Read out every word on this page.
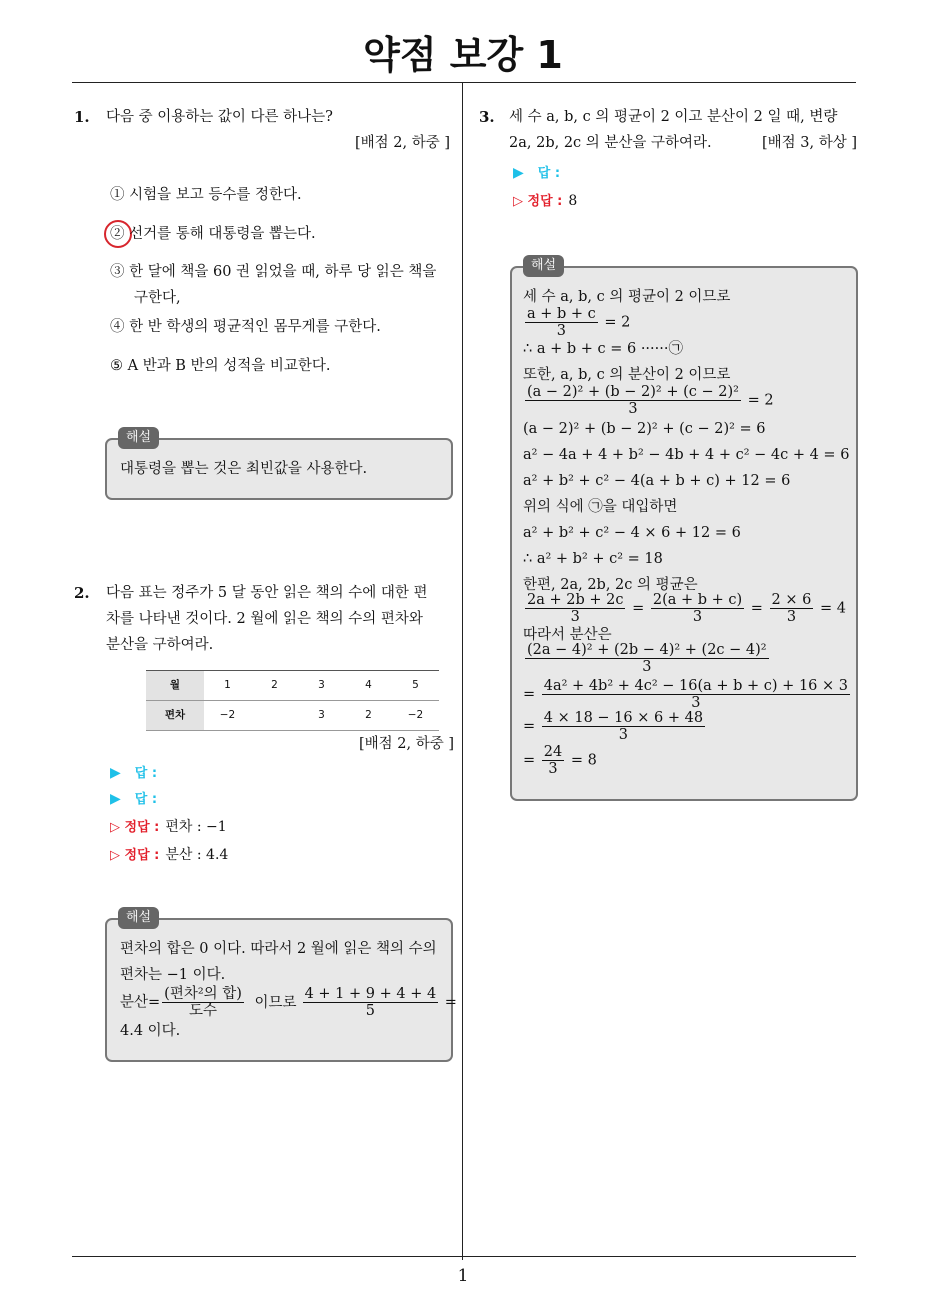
약점 보강 1
1
1. 다음 중 이용하는 값이 다른 하나는?
[배점 2, 하중 ]
① 시험을 보고 등수를 정한다.
② 선거를 통해 대통령을 뽑는다.
③ 한 달에 책을 60 권 읽었을 때, 하루 당 읽은 책을
구한다,
④ 한 반 학생의 평균적인 몸무게를 구한다.
⑤ A 반과 B 반의 성적을 비교한다.
해설
대통령을 뽑는 것은 최빈값을 사용한다.
2. 다음 표는 정주가 5 달 동안 읽은 책의 수에 대한 편
차를 나타낸 것이다. 2 월에 읽은 책의 수의 편차와
분산을 구하여라.
월	1	2	3	4	5
편차	−2		3	2	−2
[배점 2, 하중 ]
▶ 답 :
▶ 답 :
▷ 정답 : 편차 : −1
▷ 정답 : 분산 : 4.4
해설
편차의 합은 0 이다. 따라서 2 월에 읽은 책의 수의
편차는 −1 이다.
분산= $\frac{\text{(편차²의 합)}}{\text{도수}}$ 이므로 $\frac{4 + 1 + 9 + 4 + 4}{5}$ =
4.4 이다.
3. 세 수 a, b, c 의 평균이 2 이고 분산이 2 일 때, 변량
2a, 2b, 2c 의 분산을 구하여라.	[배점 3, 하상 ]
▶ 답 :
▷ 정답 : 8
해설
세 수 a, b, c 의 평균이 2 이므로
$\frac{a + b + c}{3} = 2$
∴ a + b + c = 6 ······㉠
또한, a, b, c 의 분산이 2 이므로
$\frac{\text{(a − 2)² + (b − 2)² + (c − 2)²}}{3} = 2$
(a − 2)² + (b − 2)² + (c − 2)² = 6
a² − 4a + 4 + b² − 4b + 4 + c² − 4c + 4 = 6
a² + b² + c² − 4(a + b + c) + 12 = 6
위의 식에 ㉠을 대입하면
a² + b² + c² − 4 × 6 + 12 = 6
∴ a² + b² + c² = 18
한편, 2a, 2b, 2c 의 평균은
$\frac{2a + 2b + 2c}{3} = \frac{2(a + b + c)}{3} = \frac{2 \times 6}{3} = 4$
따라서 분산은
$\frac{\text{(2a − 4)² + (2b − 4)² + (2c − 4)²}}{3}$
= $\frac{\text{4a² + 4b² + 4c² − 16(a + b + c) + 16 × 3}}{3}$
= $\frac{4 \times 18 - 16 \times 6 + 48}{3}$
= $\frac{24}{3} = 8$
